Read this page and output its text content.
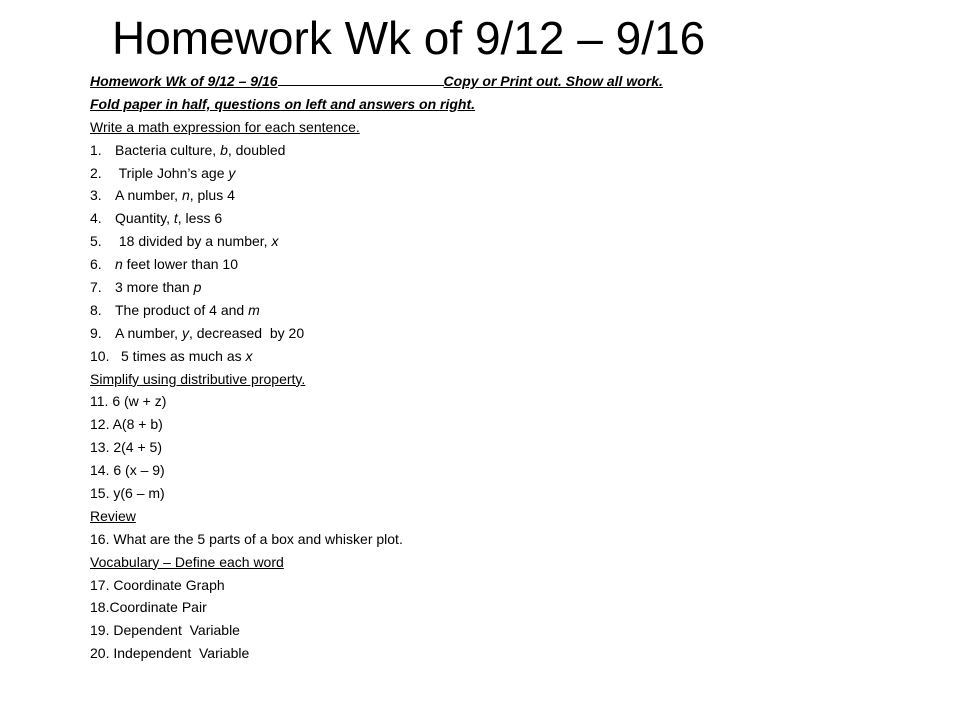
Homework Wk of 9/12 – 9/16
Homework Wk of 9/12 – 9/16	Copy or Print out. Show all work.
Fold paper in half, questions on left and answers on right.
Write a math expression for each sentence.
1. Bacteria culture, b, doubled
2. Triple John’s age y
3. A number, n, plus 4
4. Quantity, t, less 6
5. 18 divided by a number, x
6. n feet lower than 10
7. 3 more than p
8. The product of 4 and m
9. A number, y, decreased  by 20
10. 5 times as much as x
Simplify using distributive property.
11. 6 (w + z)
12. A(8 + b)
13. 2(4 + 5)
14. 6 (x – 9)
15. y(6 – m)
Review
16. What are the 5 parts of a box and whisker plot.
Vocabulary – Define each word
17. Coordinate Graph
18.Coordinate Pair
19. Dependent  Variable
20. Independent  Variable
